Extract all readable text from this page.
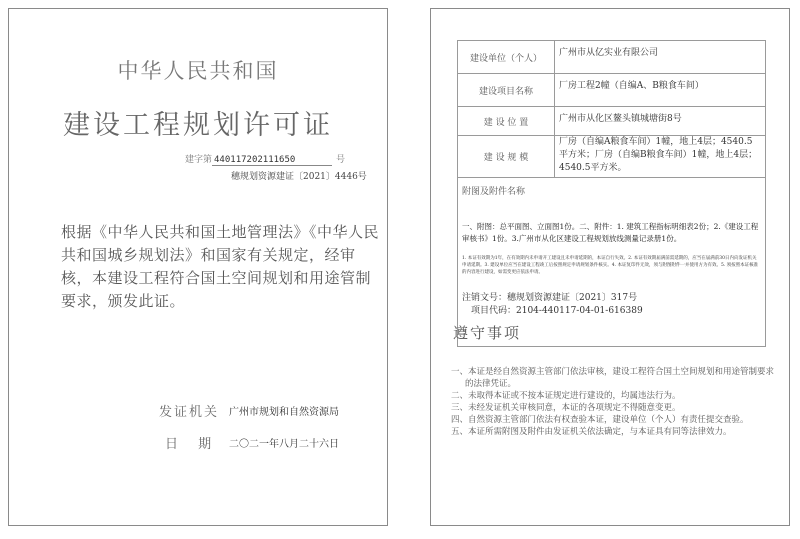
中华人民共和国
建设工程规划许可证
建字第 440117202111650	号
穗规划资源建证〔2021〕4446号
根据《中华人民共和国土地管理法》《中华人民共和国城乡规划法》和国家有关规定，经审核，本建设工程符合国土空间规划和用途管制要求，颁发此证。
发证机关 广州市规划和自然资源局
日 期 二〇二一年八月二十六日
建设单位（个人）	广州市从亿实业有限公司

建设项目名称	厂房工程2幢（自编A、B粮食车间）

建 设 位 置	广州市从化区鳌头镇城塘街8号

建 设 规 模	厂房（自编A粮食车间）1幢，地上4层；4540.5平方米；厂房（自编B粮食车间）1幢，地上4层；4540.5平方米。

附图及附件名称
一、附图：总平面图、立面图1份。二、附件：1. 建筑工程指标明细表2份；2.《建设工程审核书》1份。3.广州市从化区建设工程规划放线测量记录册1份。
1. 本证有效期为1年，在有效期内未申请开工建设且未申请延期的，本证自行失效。2. 本证有效期届满前需延期的，应当在届满前30日内向发证机关申请延期。3. 建设单位应当在建设工程竣工后按照规定申请规划条件核实。4. 本证复印件无效，须与附图附件一并使用方为有效。5. 须按照本证核准的内容进行建设，如需变更应依法申请。
注销文号：穗规划资源建证〔2021〕317号	
项目代码：2104-440117-04-01-616389
遵守事项
一、本证是经自然资源主管部门依法审核，建设工程符合国土空间规划和用途管制要求的法律凭证。
二、未取得本证或不按本证规定进行建设的，均属违法行为。
三、未经发证机关审核同意，本证的各项规定不得随意变更。
四、自然资源主管部门依法有权查验本证，建设单位（个人）有责任提交查验。
五、本证所需附图及附件由发证机关依法确定，与本证具有同等法律效力。
